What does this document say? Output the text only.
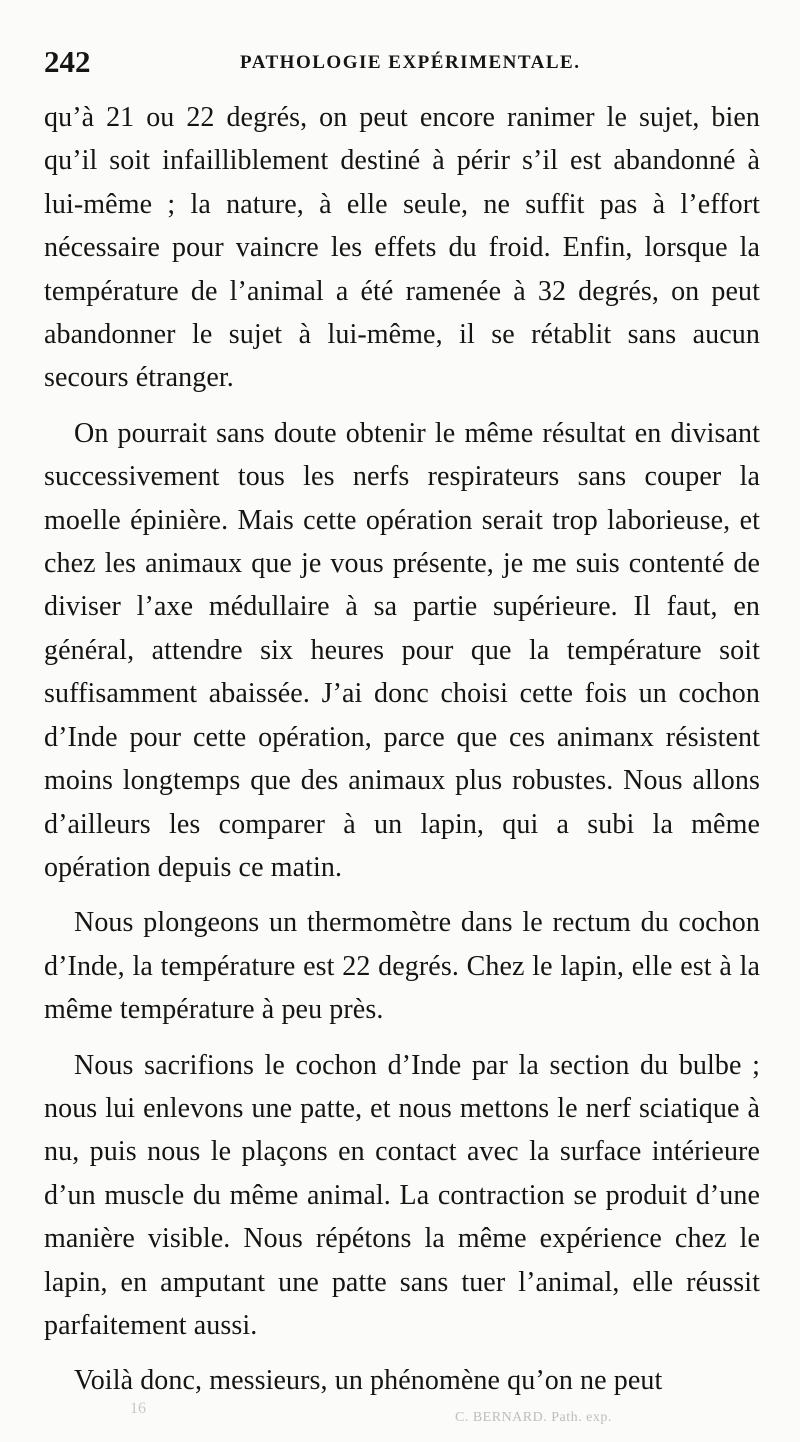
242	PATHOLOGIE EXPÉRIMENTALE.

qu’à 21 ou 22 degrés, on peut encore ranimer le sujet, bien qu’il soit infailliblement destiné à périr s’il est abandonné à lui-même ; la nature, à elle seule, ne suffit pas à l’effort nécessaire pour vaincre les effets du froid. Enfin, lorsque la température de l’animal a été ramenée à 32 degrés, on peut abandonner le sujet à lui-même, il se rétablit sans aucun secours étranger.

On pourrait sans doute obtenir le même résultat en divisant successivement tous les nerfs respirateurs sans couper la moelle épinière. Mais cette opération serait trop laborieuse, et chez les animaux que je vous présente, je me suis contenté de diviser l’axe médullaire à sa partie supérieure. Il faut, en général, attendre six heures pour que la température soit suffisamment abaissée. J’ai donc choisi cette fois un cochon d’Inde pour cette opération, parce que ces animanx résistent moins longtemps que des animaux plus robustes. Nous allons d’ailleurs les comparer à un lapin, qui a subi la même opération depuis ce matin.

Nous plongeons un thermomètre dans le rectum du cochon d’Inde, la température est 22 degrés. Chez le lapin, elle est à la même température à peu près.

Nous sacrifions le cochon d’Inde par la section du bulbe ; nous lui enlevons une patte, et nous mettons le nerf sciatique à nu, puis nous le plaçons en contact avec la surface intérieure d’un muscle du même animal. La contraction se produit d’une manière visible. Nous répétons la même expérience chez le lapin, en amputant une patte sans tuer l’animal, elle réussit parfaitement aussi.

Voilà donc, messieurs, un phénomène qu’on ne peut

16
C. BERNARD. Path. exp.
